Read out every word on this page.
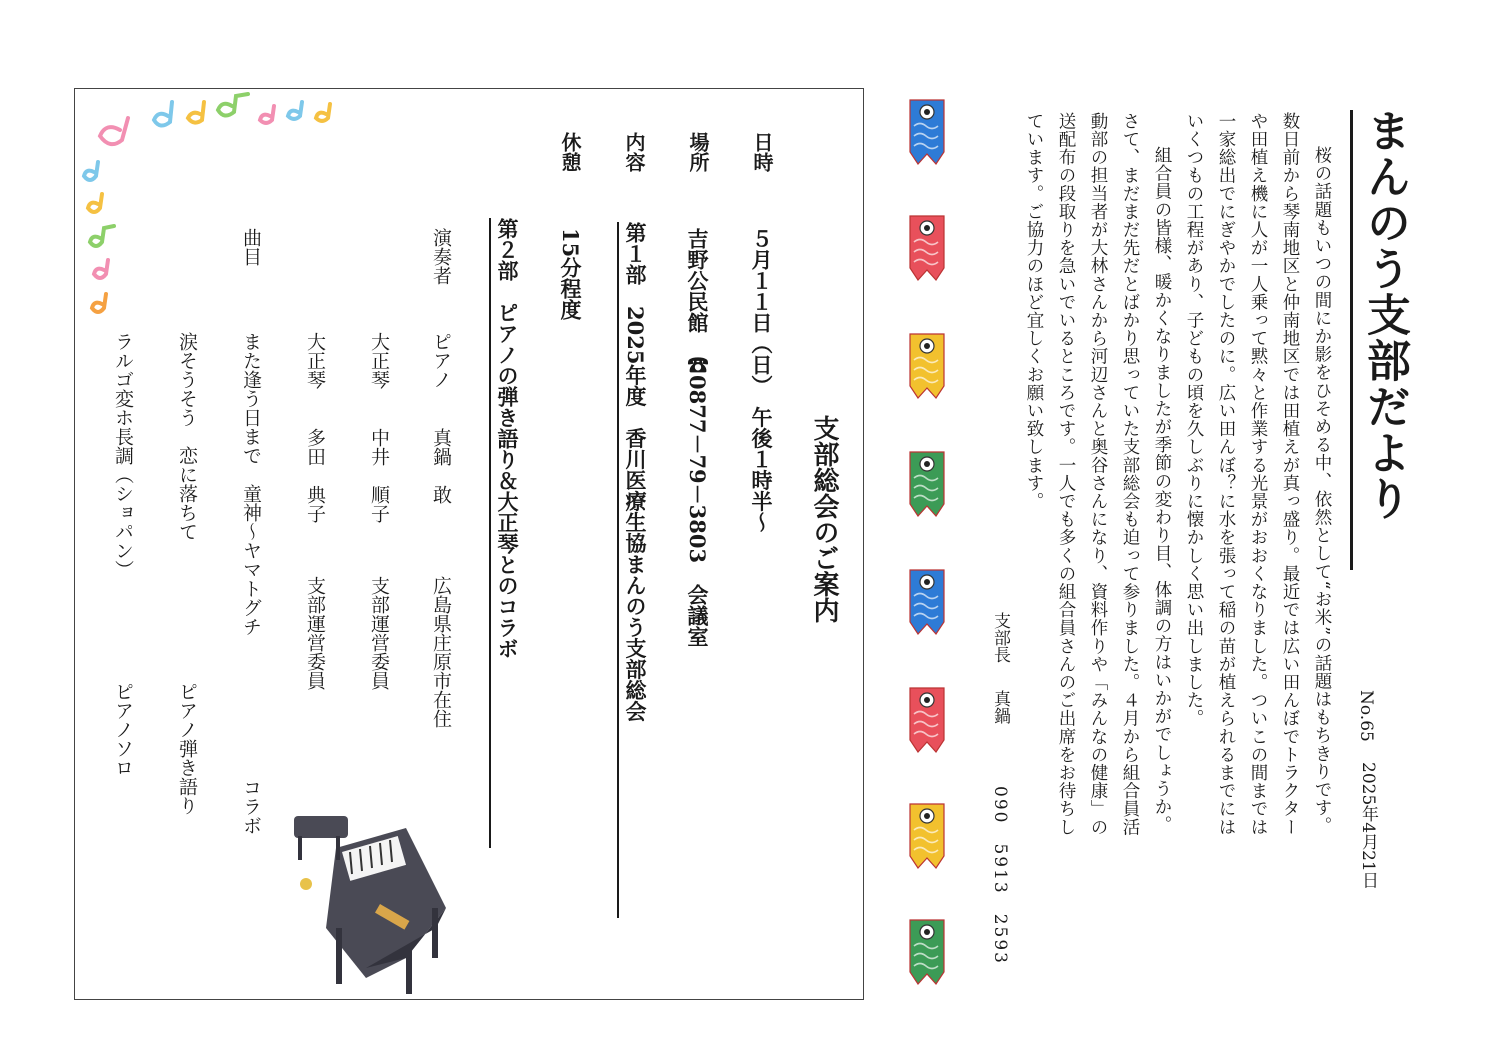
まんのう支部だより
No.65
2025年4月21日
　桜の話題もいつの間にか影をひそめる中、依然として“お米”の話題はもちきりです。
数日前から琴南地区と仲南地区では田植えが真っ盛り。最近では広い田んぼでトラクター
や田植え機に人が一人乗って黙々と作業する光景がおおくなりました。ついこの間までは
一家総出でにぎやかでしたのに。広い田んぼ？に水を張って稲の苗が植えられるまでには
いくつもの工程があり、子どもの頃を久しぶりに懐かしく思い出しました。
　組合員の皆様、暖かくなりましたが季節の変わり目、体調の方はいかがでしょうか。
さて、まだまだ先だとばかり思っていた支部総会も迫って参りました。４月から組合員活
動部の担当者が大林さんから河辺さんと奥谷さんになり、資料作りや「みんなの健康」の
送配布の段取りを急いでいるところです。一人でも多くの組合員さんのご出席をお待ちし
ています。ご協力のほど宜しくお願い致します。
支部長
真鍋
090　5913　2593
支部総会のご案内
日時
５月１１日（日）　午後１時半～
場所
吉野公民館　☎0877－79－3803　会議室
内容
第１部　2025年度　香川医療生協まんのう支部総会
休憩
15分程度
第２部　ピアノの弾き語り＆大正琴とのコラボ
演奏者
ピアノ
真鍋　敢
広島県庄原市在住
大正琴
中井　順子
支部運営委員
大正琴
多田　典子
支部運営委員
曲目
また逢う日まで　童神～ヤマトグチ
コラボ
涙そうそう　恋に落ちて
ピアノ弾き語り
ラルゴ変ホ長調（ショパン）
ピアノソロ
